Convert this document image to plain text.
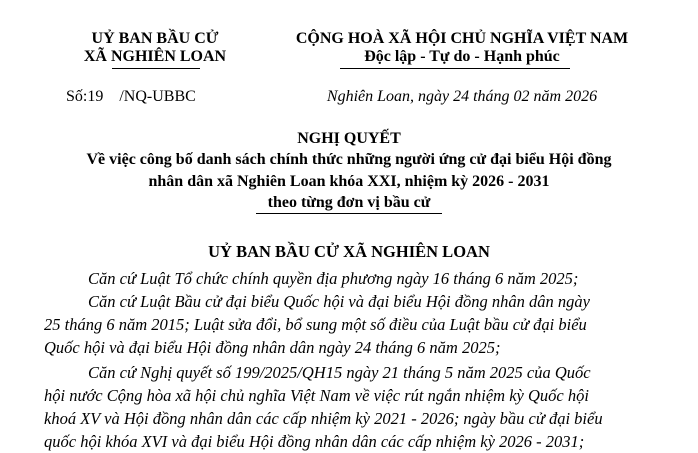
UỶ BAN BẦU CỬ
XÃ NGHIÊN LOAN
CỘNG HOÀ XÃ HỘI CHỦ NGHĨA VIỆT NAM
Độc lập - Tự do - Hạnh phúc
Số:19 /NQ-UBBC	Nghiên Loan, ngày 24 tháng 02 năm 2026
NGHỊ QUYẾT
Về việc công bố danh sách chính thức những người ứng cử đại biểu Hội đồng
nhân dân xã Nghiên Loan khóa XXI, nhiệm kỳ 2026 - 2031
theo từng đơn vị bầu cử
UỶ BAN BẦU CỬ XÃ NGHIÊN LOAN
Căn cứ Luật Tổ chức chính quyền địa phương ngày 16 tháng 6 năm 2025;
Căn cứ Luật Bầu cử đại biểu Quốc hội và đại biểu Hội đồng nhân dân ngày
25 tháng 6 năm 2015; Luật sửa đổi, bổ sung một số điều của Luật bầu cử đại biểu
Quốc hội và đại biểu Hội đồng nhân dân ngày 24 tháng 6 năm 2025;
Căn cứ Nghị quyết số 199/2025/QH15 ngày 21 tháng 5 năm 2025 của Quốc
hội nước Cộng hòa xã hội chủ nghĩa Việt Nam về việc rút ngắn nhiệm kỳ Quốc hội
khoá XV và Hội đồng nhân dân các cấp nhiệm kỳ 2021 - 2026; ngày bầu cử đại biểu
quốc hội khóa XVI và đại biểu Hội đồng nhân dân các cấp nhiệm kỳ 2026 - 2031;
